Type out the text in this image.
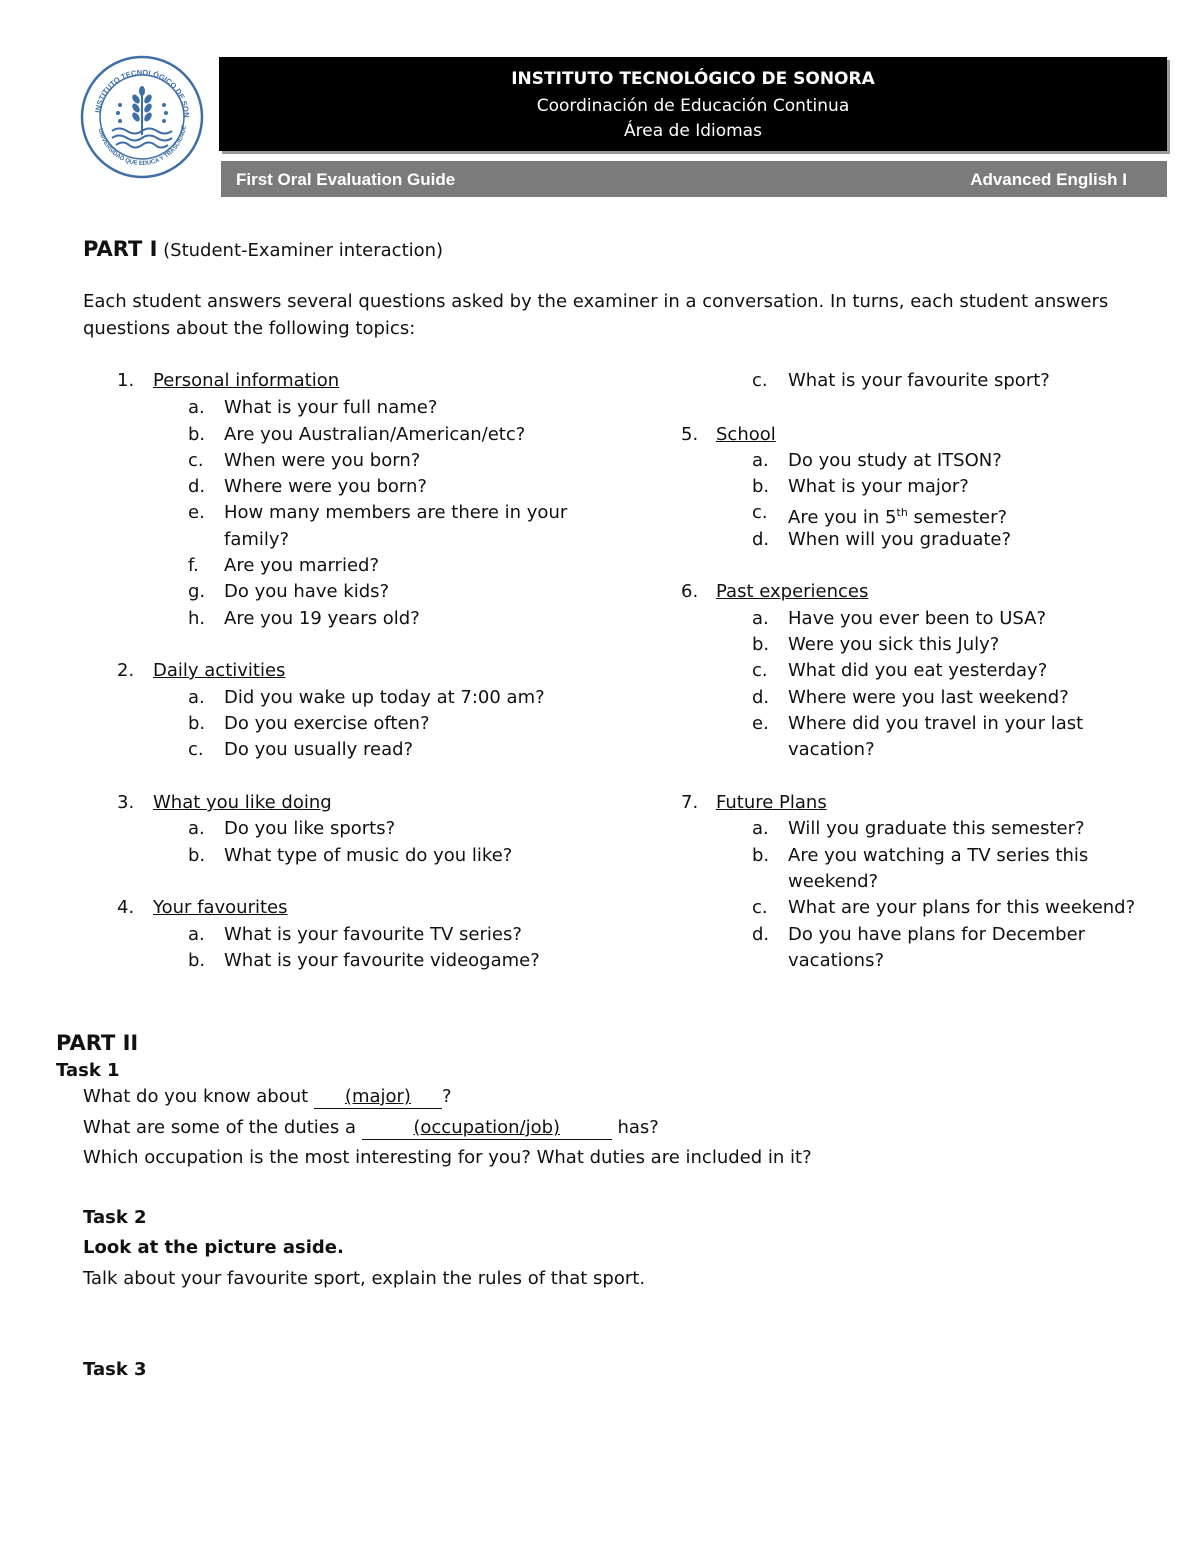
INSTITUTO TECNOLÓGICO DE SON
UNIVERSIDAD QUE EDUCA Y TRASCIENDE
INSTITUTO TECNOLÓGICO DE SONORA
Coordinación de Educación Continua
Área de Idiomas
First Oral Evaluation Guide	Advanced English I
PART I (Student-Examiner interaction)
Each student answers several questions asked by the examiner in a conversation. In turns, each student answers
questions about the following topics:
1. Personal information
a. What is your full name?
b. Are you Australian/American/etc?
c. When were you born?
d. Where were you born?
e. How many members are there in your
family?
f. Are you married?
g. Do you have kids?
h. Are you 19 years old?
2. Daily activities
a. Did you wake up today at 7:00 am?
b. Do you exercise often?
c. Do you usually read?
3. What you like doing
a. Do you like sports?
b. What type of music do you like?
4. Your favourites
a. What is your favourite TV series?
b. What is your favourite videogame?
c. What is your favourite sport?
5. School
a. Do you study at ITSON?
b. What is your major?
c. Are you in 5th semester?
d. When will you graduate?
6. Past experiences
a. Have you ever been to USA?
b. Were you sick this July?
c. What did you eat yesterday?
d. Where were you last weekend?
e. Where did you travel in your last
vacation?
7. Future Plans
a. Will you graduate this semester?
b. Are you watching a TV series this
weekend?
c. What are your plans for this weekend?
d. Do you have plans for December
vacations?
PART II
Task 1
What do you know about (major) ?
What are some of the duties a	(occupation/job)	has?
Which occupation is the most interesting for you? What duties are included in it?
Task 2
Look at the picture aside.
Talk about your favourite sport, explain the rules of that sport.
Task 3
